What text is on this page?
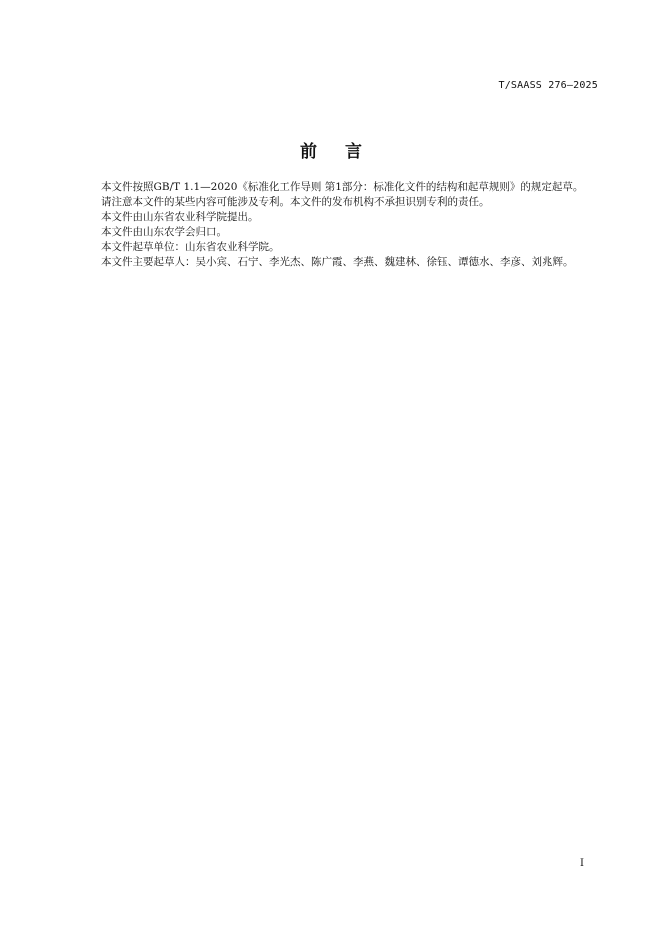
T/SAASS 276—2025
前言

本文件按照GB/T 1.1—2020《标准化工作导则 第1部分：标准化文件的结构和起草规则》的规定起草。

请注意本文件的某些内容可能涉及专利。本文件的发布机构不承担识别专利的责任。

本文件由山东省农业科学院提出。

本文件由山东农学会归口。

本文件起草单位：山东省农业科学院。

本文件主要起草人：吴小宾、石宁、李光杰、陈广霞、李燕、魏建林、徐钰、谭德水、李彦、刘兆辉。

I
